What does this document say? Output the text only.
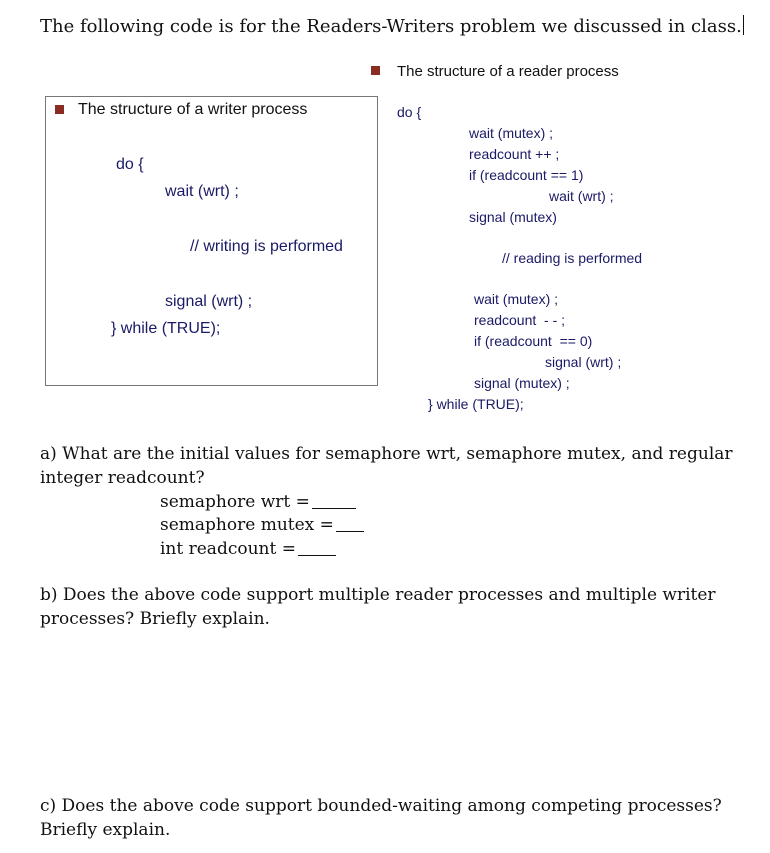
The following code is for the Readers-Writers problem we discussed in class.
The structure of a reader process
The structure of a writer process
do {
wait (wrt) ;
// writing is performed
signal (wrt) ;
} while (TRUE);
do {
wait (mutex) ;
readcount ++ ;
if (readcount == 1)
wait (wrt) ;
signal (mutex)
// reading is performed
wait (mutex) ;
readcount  - - ;
if (readcount  == 0)
signal (wrt) ;
signal (mutex) ;
} while (TRUE);
a) What are the initial values for semaphore wrt, semaphore mutex, and regular
integer readcount?
semaphore wrt =
semaphore mutex =
int readcount =
b) Does the above code support multiple reader processes and multiple writer
processes? Briefly explain.
c) Does the above code support bounded-waiting among competing processes?
Briefly explain.
